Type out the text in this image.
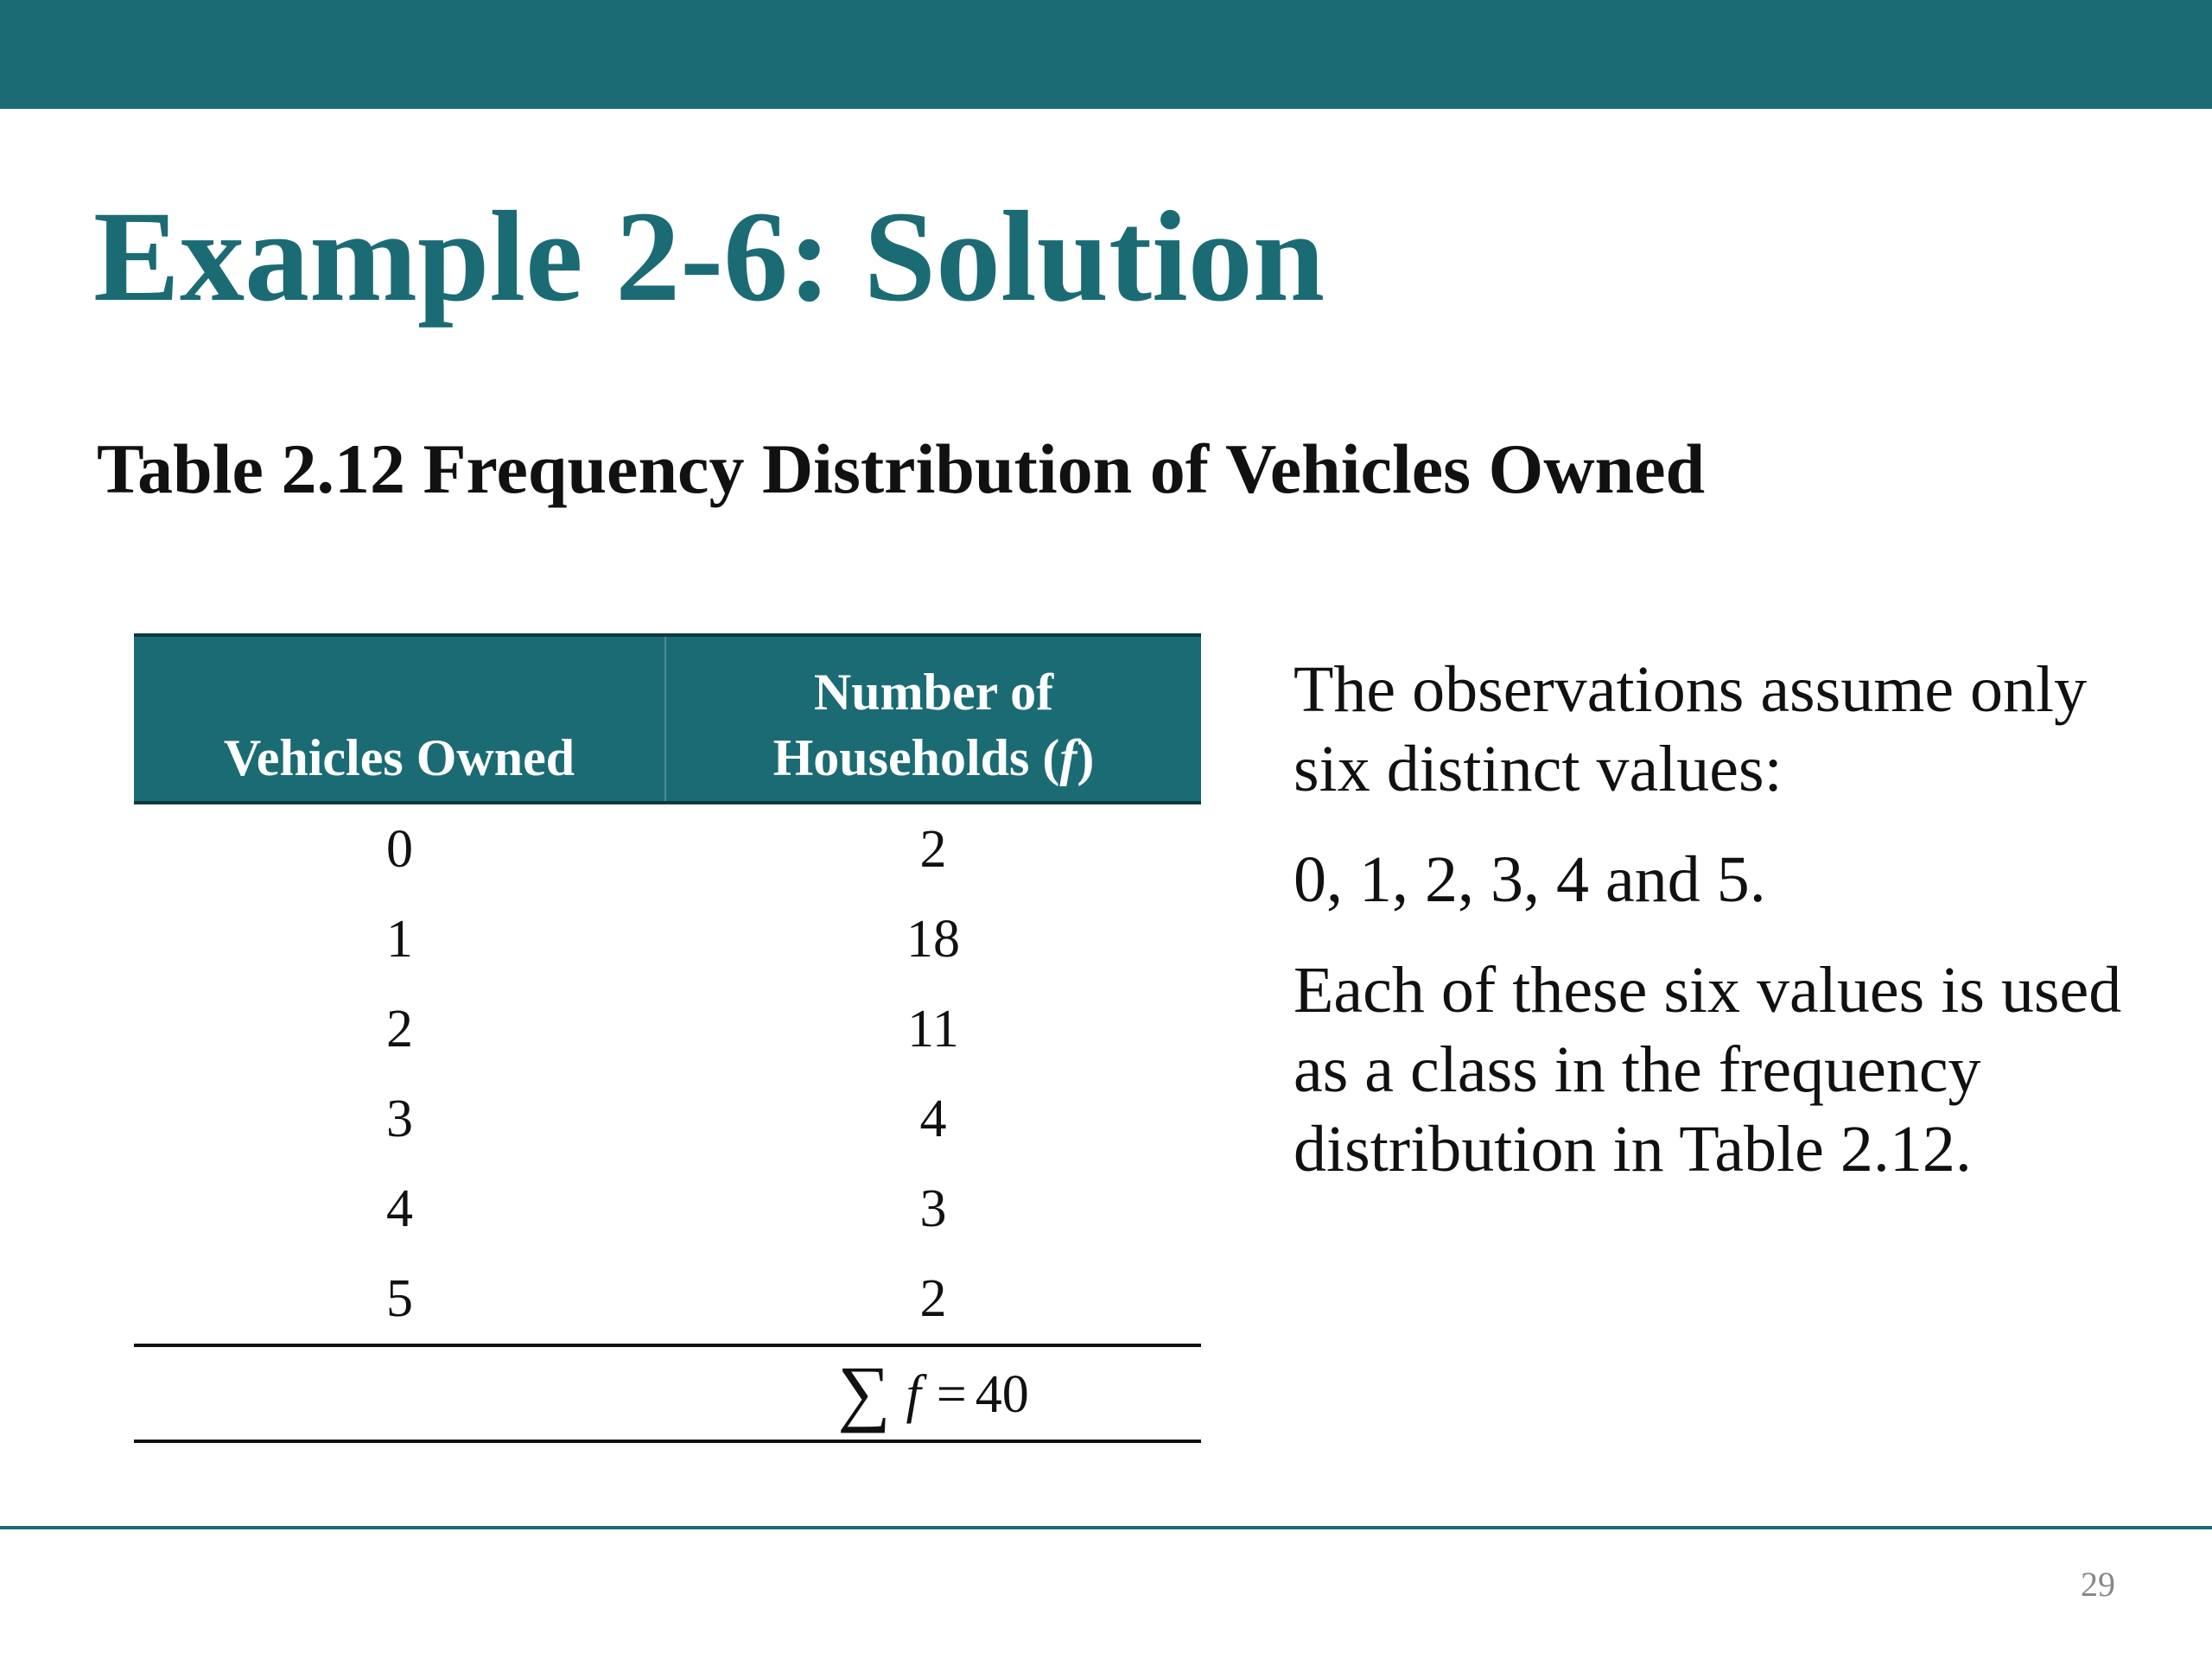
Example 2-6: Solution
Table 2.12 Frequency Distribution of Vehicles Owned
Vehicles Owned	Number of
Households (f)
0	2
1	18
2	11
3	4
4	3
5	2
	∑ f = 40

The observations assume only six distinct values:

0, 1, 2, 3, 4 and 5.

Each of these six values is used as a class in the frequency distribution in Table 2.12.

29
